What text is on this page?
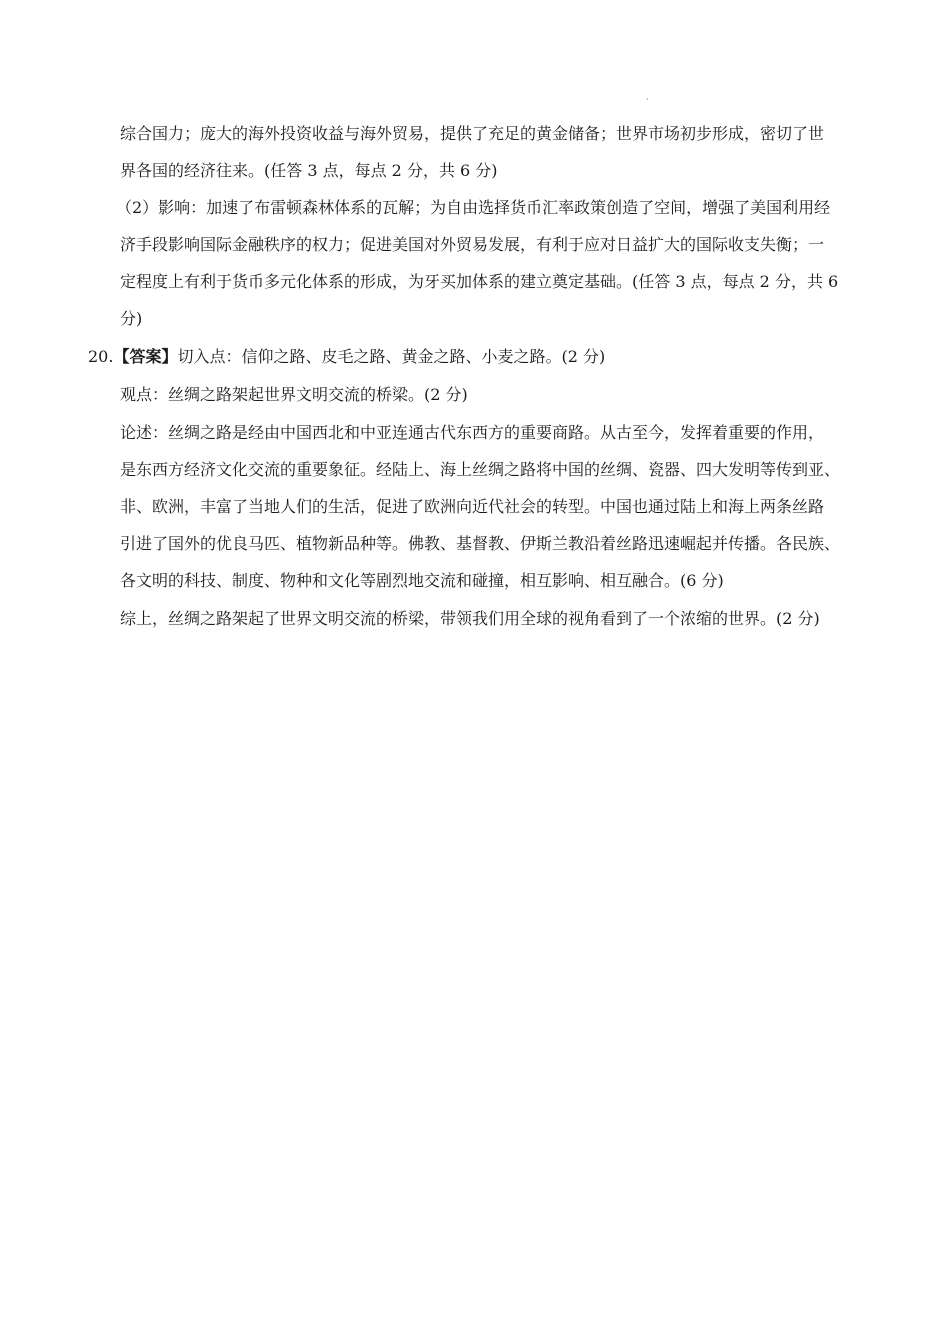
·
综合国力；庞大的海外投资收益与海外贸易，提供了充足的黄金储备；世界市场初步形成，密切了世
界各国的经济往来。(任答 3 点，每点 2 分，共 6 分)
（2）影响：加速了布雷顿森林体系的瓦解；为自由选择货币汇率政策创造了空间，增强了美国利用经
济手段影响国际金融秩序的权力；促进美国对外贸易发展，有利于应对日益扩大的国际收支失衡；一
定程度上有利于货币多元化体系的形成，为牙买加体系的建立奠定基础。(任答 3 点，每点 2 分，共 6
分)
20.【答案】切入点：信仰之路、皮毛之路、黄金之路、小麦之路。(2 分)
观点：丝绸之路架起世界文明交流的桥梁。(2 分)
论述：丝绸之路是经由中国西北和中亚连通古代东西方的重要商路。从古至今，发挥着重要的作用，
是东西方经济文化交流的重要象征。经陆上、海上丝绸之路将中国的丝绸、瓷器、四大发明等传到亚、
非、欧洲，丰富了当地人们的生活，促进了欧洲向近代社会的转型。中国也通过陆上和海上两条丝路
引进了国外的优良马匹、植物新品种等。佛教、基督教、伊斯兰教沿着丝路迅速崛起并传播。各民族、
各文明的科技、制度、物种和文化等剧烈地交流和碰撞，相互影响、相互融合。(6 分)
综上，丝绸之路架起了世界文明交流的桥梁，带领我们用全球的视角看到了一个浓缩的世界。(2 分)
